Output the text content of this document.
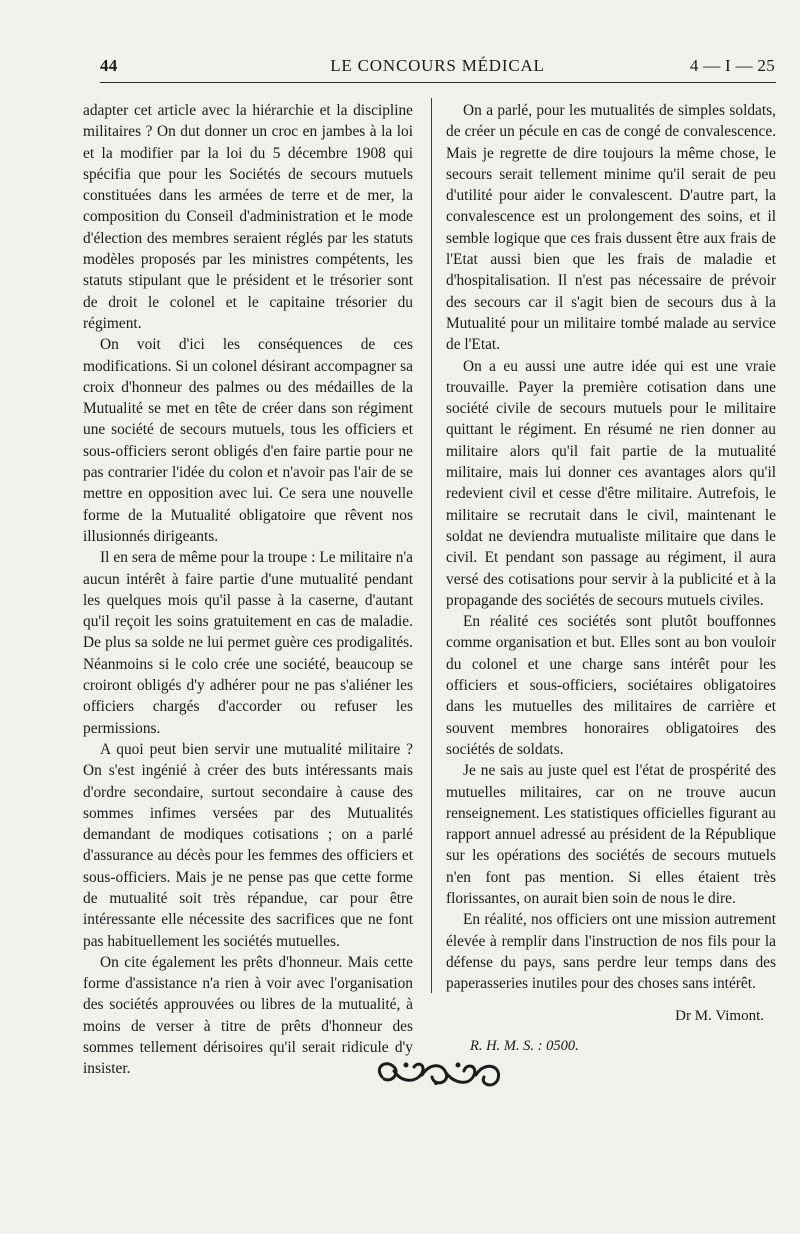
44	LE CONCOURS MÉDICAL	4 — I — 25

adapter cet article avec la hiérarchie et la discipline militaires ? On dut donner un croc en jambes à la loi et la modifier par la loi du 5 décembre 1908 qui spécifia que pour les Sociétés de secours mutuels constituées dans les armées de terre et de mer, la composition du Conseil d'administration et le mode d'élection des membres seraient réglés par les statuts modèles proposés par les ministres compétents, les statuts stipulant que le président et le trésorier sont de droit le colonel et le capitaine trésorier du régiment.

On voit d'ici les conséquences de ces modifications. Si un colonel désirant accompagner sa croix d'honneur des palmes ou des médailles de la Mutualité se met en tête de créer dans son régiment une société de secours mutuels, tous les officiers et sous-officiers seront obligés d'en faire partie pour ne pas contrarier l'idée du colon et n'avoir pas l'air de se mettre en opposition avec lui. Ce sera une nouvelle forme de la Mutualité obligatoire que rêvent nos illusionnés dirigeants.

Il en sera de même pour la troupe : Le militaire n'a aucun intérêt à faire partie d'une mutualité pendant les quelques mois qu'il passe à la caserne, d'autant qu'il reçoit les soins gratuitement en cas de maladie. De plus sa solde ne lui permet guère ces prodigalités. Néanmoins si le colo crée une société, beaucoup se croiront obligés d'y adhérer pour ne pas s'aliéner les officiers chargés d'accorder ou refuser les permissions.

A quoi peut bien servir une mutualité militaire ? On s'est ingénié à créer des buts intéressants mais d'ordre secondaire, surtout secondaire à cause des sommes infimes versées par des Mutualités demandant de modiques cotisations ; on a parlé d'assurance au décès pour les femmes des officiers et sous-officiers. Mais je ne pense pas que cette forme de mutualité soit très répandue, car pour être intéressante elle nécessite des sacrifices que ne font pas habituellement les sociétés mutuelles.

On cite également les prêts d'honneur. Mais cette forme d'assistance n'a rien à voir avec l'organisation des sociétés approuvées ou libres de la mutualité, à moins de verser à titre de prêts d'honneur des sommes tellement dérisoires qu'il serait ridicule d'y insister.

On a parlé, pour les mutualités de simples soldats, de créer un pécule en cas de congé de convalescence. Mais je regrette de dire toujours la même chose, le secours serait tellement minime qu'il serait de peu d'utilité pour aider le convalescent. D'autre part, la convalescence est un prolongement des soins, et il semble logique que ces frais dussent être aux frais de l'Etat aussi bien que les frais de maladie et d'hospitalisation. Il n'est pas nécessaire de prévoir des secours car il s'agit bien de secours dus à la Mutualité pour un militaire tombé malade au service de l'Etat.

On a eu aussi une autre idée qui est une vraie trouvaille. Payer la première cotisation dans une société civile de secours mutuels pour le militaire quittant le régiment. En résumé ne rien donner au militaire alors qu'il fait partie de la mutualité militaire, mais lui donner ces avantages alors qu'il redevient civil et cesse d'être militaire. Autrefois, le militaire se recrutait dans le civil, maintenant le soldat ne deviendra mutualiste militaire que dans le civil. Et pendant son passage au régiment, il aura versé des cotisations pour servir à la publicité et à la propagande des sociétés de secours mutuels civiles.

En réalité ces sociétés sont plutôt bouffonnes comme organisation et but. Elles sont au bon vouloir du colonel et une charge sans intérêt pour les officiers et sous-officiers, sociétaires obligatoires dans les mutuelles des militaires de carrière et souvent membres honoraires obligatoires des sociétés de soldats.

Je ne sais au juste quel est l'état de prospérité des mutuelles militaires, car on ne trouve aucun renseignement. Les statistiques officielles figurant au rapport annuel adressé au président de la République sur les opérations des sociétés de secours mutuels n'en font pas mention. Si elles étaient très florissantes, on aurait bien soin de nous le dire.

En réalité, nos officiers ont une mission autrement élevée à remplir dans l'instruction de nos fils pour la défense du pays, sans perdre leur temps dans des paperasseries inutiles pour des choses sans intérêt.

Dr M. Vimont.
R. H. M. S. : 0500.
